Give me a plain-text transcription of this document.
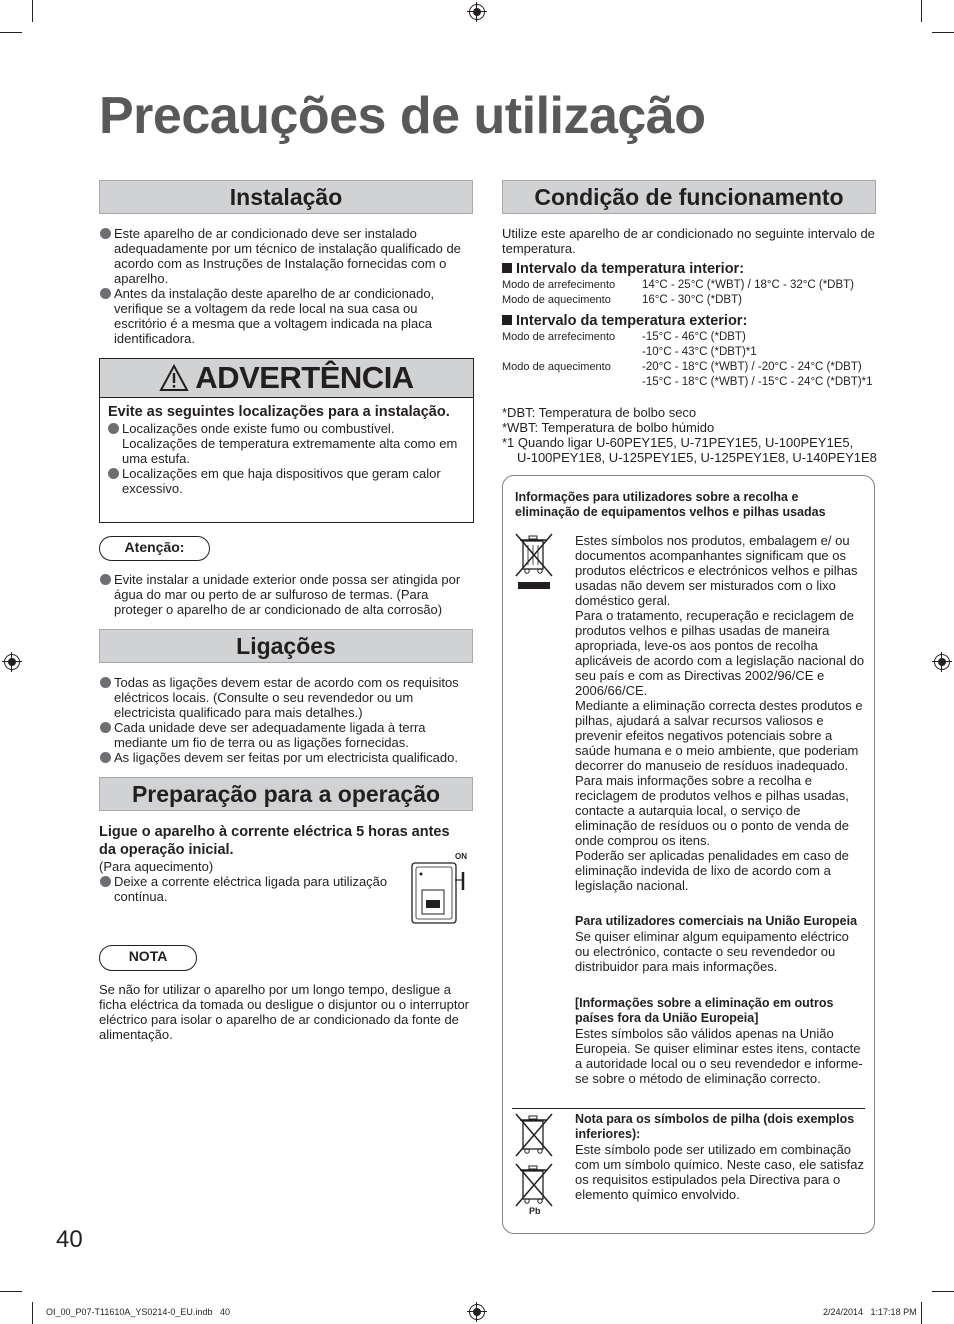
Precauções de utilização
Instalação
Este aparelho de ar condicionado deve ser instalado adequadamente por um técnico de instalação qualificado de acordo com as Instruções de Instalação fornecidas com o aparelho.
Antes da instalação deste aparelho de ar condicionado, verifique se a voltagem da rede local na sua casa ou escritório é a mesma que a voltagem indicada na placa identificadora.
ADVERTÊNCIA
Evite as seguintes localizações para a instalação.
Localizações onde existe fumo ou combustível. Localizações de temperatura extremamente alta como em uma estufa.
Localizações em que haja dispositivos que geram calor excessivo.
Atenção:
Evite instalar a unidade exterior onde possa ser atingida por água do mar ou perto de ar sulfuroso de termas. (Para proteger o aparelho de ar condicionado de alta corrosão)
Ligações
Todas as ligações devem estar de acordo com os requisitos eléctricos locais. (Consulte o seu revendedor ou um electricista qualificado para mais detalhes.)
Cada unidade deve ser adequadamente ligada à terra mediante um fio de terra ou as ligações fornecidas.
As ligações devem ser feitas por um electricista qualificado.
Preparação para a operação
Ligue o aparelho à corrente eléctrica 5 horas antes da operação inicial.
(Para aquecimento)
Deixe a corrente eléctrica ligada para utilização contínua.
ON
NOTA
Se não for utilizar o aparelho por um longo tempo, desligue a ficha eléctrica da tomada ou desligue o disjuntor ou o interruptor eléctrico para isolar o aparelho de ar condicionado da fonte de alimentação.
40
Condição de funcionamento
Utilize este aparelho de ar condicionado no seguinte intervalo de temperatura.
Intervalo da temperatura interior:
Modo de arrefecimento	14°C - 25°C (*WBT) / 18°C - 32°C (*DBT)
Modo de aquecimento	16°C - 30°C (*DBT)
Intervalo da temperatura exterior:
Modo de arrefecimento	-15°C - 46°C (*DBT)
-10°C - 43°C (*DBT)*1
Modo de aquecimento	-20°C - 18°C (*WBT) / -20°C - 24°C (*DBT)
-15°C - 18°C (*WBT) / -15°C - 24°C (*DBT)*1
*DBT: Temperatura de bolbo seco
*WBT: Temperatura de bolbo húmido
*1 Quando ligar U-60PEY1E5, U-71PEY1E5, U-100PEY1E5,
U-100PEY1E8, U-125PEY1E5, U-125PEY1E8, U-140PEY1E8
Informações para utilizadores sobre a recolha e eliminação de equipamentos velhos e pilhas usadas
Estes símbolos nos produtos, embalagem e/ ou documentos acompanhantes significam que os produtos eléctricos e electrónicos velhos e pilhas usadas não devem ser misturados com o lixo doméstico geral.
Para o tratamento, recuperação e reciclagem de produtos velhos e pilhas usadas de maneira apropriada, leve-os aos pontos de recolha aplicáveis de acordo com a legislação nacional do seu país e com as Directivas 2002/96/CE e 2006/66/CE.
Mediante a eliminação correcta destes produtos e pilhas, ajudará a salvar recursos valiosos e prevenir efeitos negativos potenciais sobre a saúde humana e o meio ambiente, que poderiam decorrer do manuseio de resíduos inadequado.
Para mais informações sobre a recolha e reciclagem de produtos velhos e pilhas usadas, contacte a autarquia local, o serviço de eliminação de resíduos ou o ponto de venda de onde comprou os itens.
Poderão ser aplicadas penalidades em caso de eliminação indevida de lixo de acordo com a legislação nacional.
Para utilizadores comerciais na União Europeia
Se quiser eliminar algum equipamento eléctrico ou electrónico, contacte o seu revendedor ou distribuidor para mais informações.
[Informações sobre a eliminação em outros países fora da União Europeia]
Estes símbolos são válidos apenas na União Europeia. Se quiser eliminar estes itens, contacte a autoridade local ou o seu revendedor e informe-se sobre o método de eliminação correcto.
Pb
Nota para os símbolos de pilha (dois exemplos inferiores):
Este símbolo pode ser utilizado em combinação com um símbolo químico. Neste caso, ele satisfaz os requisitos estipulados pela Directiva para o elemento químico envolvido.
OI_00_P07-T11610A_YS0214-0_EU.indb   40	2/24/2014   1:17:18 PM
